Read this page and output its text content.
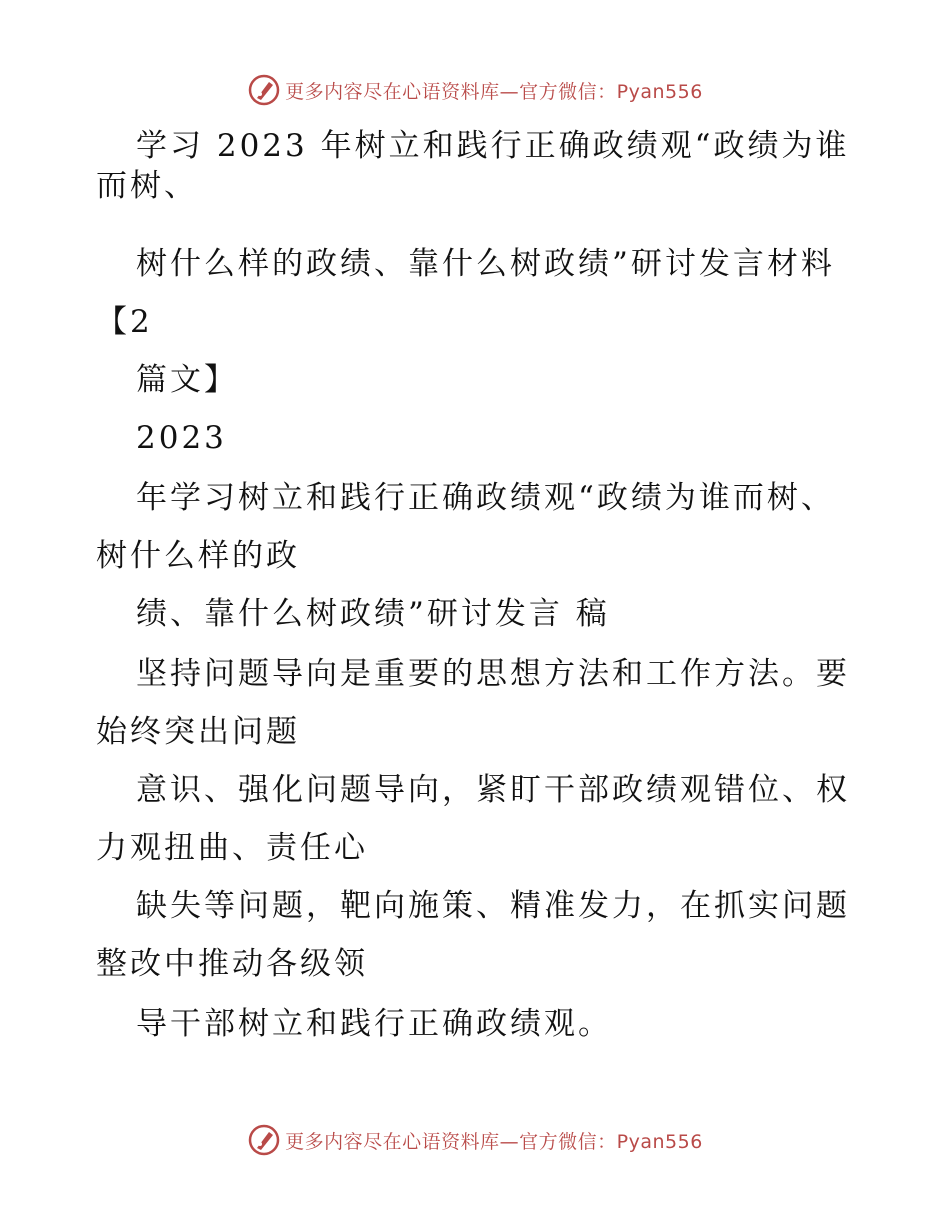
更多内容尽在心语资料库—官方微信：Pyan556
学习 2023 年树立和践行正确政绩观“政绩为谁
而树、
树什么样的政绩、靠什么树政绩”研讨发言材料
【2
篇文】
2023
年学习树立和践行正确政绩观“政绩为谁而树、
树什么样的政
绩、靠什么树政绩”研讨发言 稿
坚持问题导向是重要的思想方法和工作方法。要
始终突出问题
意识、强化问题导向，紧盯干部政绩观错位、权
力观扭曲、责任心
缺失等问题，靶向施策、精准发力，在抓实问题
整改中推动各级领
导干部树立和践行正确政绩观。
更多内容尽在心语资料库—官方微信：Pyan556
